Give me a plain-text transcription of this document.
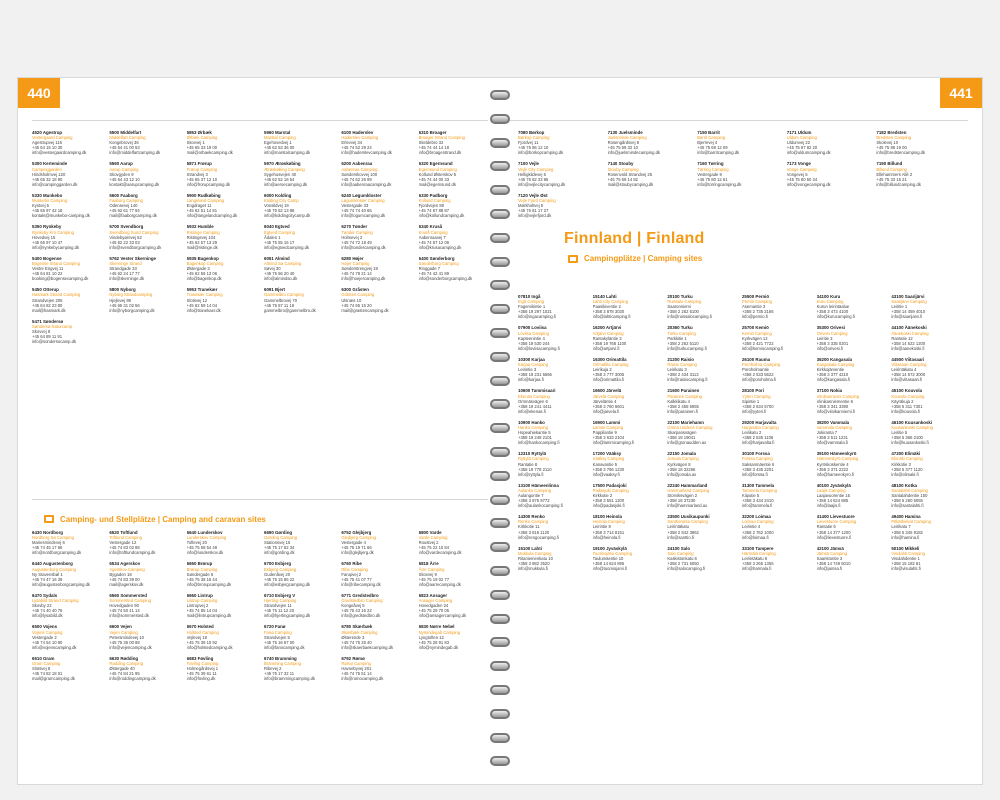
440
4520 Agestrup
Vestergaard Camping
Agestrupvej 115
+45 64 15 10 30
info@vestergaardcamping.dk
5300 Kerteminde
Campinggarden
Hindsholmvej 120
+45 65 32 18 90
info@campinggarden.dk
5330 Munkebo
Munkebo Camping
Kystvej 5
+45 65 97 42 18
kontakt@munkebo-camping.dk
5350 Rynkeby
Rynkeby Kro Camping
Hovedvej 15
+45 65 97 10 47
info@rynkebycamping.dk
5400 Bogense
Bogense Strand Camping
Vestre Engvej 11
+45 64 81 10 22
booking@bogensecamping.dk
5450 Otterup
Hasmark Strand Camping
Strandvejen 205
+45 64 82 23 80
mail@hasmark.dk
5471 Søndersø
Søndersø Naturcamp
Skovvej 8
+45 64 89 11 91
info@sondersocamp.dk
5500 Middelfart
Middelfart Camping
Kongebrovej 36
+45 64 41 00 53
info@middelfartcamping.dk
5560 Aarup
Aarup Camping
Skovgyden 9
+45 64 43 12 10
kontakt@aarupcamping.dk
5600 Faaborg
Faaborg Camping
Odensevej 140
+45 62 61 77 94
mail@faaborgcamping.dk
5700 Svendborg
Svendborg Sund Camping
Vindebyørevej 52
+45 62 22 33 03
info@svendborgcamping.dk
5762 Vester Skerninge
Skerninge Strand
Strandgade 33
+45 62 24 17 77
info@skerninge.dk
5800 Nyborg
Nyborg Strandcamping
Hjejlevej 99
+45 65 31 02 56
info@nyborgcamping.dk
5853 Ørbæk
Ørbæk Camping
Skovvej 1
+45 65 33 19 00
mail@orbaekcamping.dk
5871 Frørup
Frørup Camping
Strandvej 3
+45 65 37 12 10
info@frorupcamping.dk
5900 Rudkøbing
Langeland Camping
Engdraget 11
+45 62 51 14 81
info@langelandcamping.dk
5932 Humble
Ristinge Camping
Ristingevej 104
+45 62 57 13 29
mail@ristinge.dk
5935 Bagenkop
Bagenkop Camping
Østergade 3
+45 62 56 13 06
info@bagenkop.dk
5953 Tranekær
Tranekær Camping
Slotsvej 12
+45 62 59 14 04
info@tranekaer.dk
5960 Marstal
Marstal Camping
Egehovedvej 1
+45 62 53 36 00
info@marstalcamping.dk
5970 Ærøskøbing
Ærøskøbing Camping
Sygehusvejen 40
+45 62 52 18 54
info@aeroecamping.dk
6000 Kolding
Kolding City Camp
Vonsildvej 19
+45 75 52 13 88
info@koldingcitycamp.dk
6040 Egtved
Egtved Camping
Ådalen 1
+45 75 55 16 17
info@egtvedcamping.dk
6051 Almind
Almind Sø Camping
Søvej 30
+45 75 56 20 40
info@almindso.dk
6091 Bjert
Gammelbro Camping
Gammelbrovej 70
+45 75 57 11 16
gammelbro@gammelbro.dk
6100 Haderslev
Haderslev Camping
Erlevvej 34
+45 74 52 29 24
info@haderslevcamping.dk
6200 Aabenraa
Aabenraa Camping
Sønderskovvej 100
+45 74 62 26 99
info@aabenraacamping.dk
6240 Løgumkloster
Løgumkloster Camping
Vestergade 33
+45 74 74 40 65
info@logumcamping.dk
6270 Tønder
Tønder Camping
Holmevej 2
+45 74 72 18 49
info@tondercamping.dk
6280 Højer
Højer Camping
Sønderstrengvej 19
+45 74 78 21 14
info@hoejercamping.dk
6300 Gråsten
Gråsten Camping
Ulsnæs 10
+45 74 65 15 20
mail@grastencamping.dk
6310 Broager
Broager Strand Camping
Skeldebro 32
+45 74 44 14 18
info@broagerstrand.dk
6320 Egernsund
Egernsund Camping
Kollund Østerskov 5
+45 74 44 00 33
mail@egernsund.dk
6330 Padborg
Kollund Camping
Fjordvejen 80
+45 74 67 88 87
info@kollundcamping.dk
6340 Kruså
Kruså Camping
Aabenraavej 7
+45 74 67 12 06
info@krusacamping.dk
6400 Sønderborg
Sønderborg Camping
Ringgade 7
+45 74 42 41 89
info@sonderborgcamping.dk
Camping- und Stellplätze | Camping and caravan sites
6430 Nordborg
Nordborg Sø Camping
Mariesmindevej 6
+45 74 45 17 66
info@nordborgcamping.dk
6440 Augustenborg
Augustenborg Camping
Ny Stavensbøl 1
+45 74 47 16 39
info@augustenborgcamping.dk
6470 Sydals
Lysabild Strand Camping
Skovby 22
+45 74 40 40 76
info@lysabild.dk
6500 Vojens
Vojens Camping
Vestergade 2
+45 74 54 10 90
info@vojenscamping.dk
6510 Gram
Gram Camping
Slotsvej 8
+45 74 82 18 01
mail@gramcamping.dk
6520 Toftlund
Toftlund Camping
Vestergade 12
+45 74 83 02 88
info@toftlundcamping.dk
6534 Agerskov
Agerskov Camping
Bygaden 18
+45 74 83 39 00
mail@agerskov.dk
6560 Sommersted
Sommersted Camping
Hovedgaden 90
+45 74 50 41 14
info@sommersted.dk
6600 Vejen
Vejen Camping
Petersmindevej 10
+45 75 36 00 98
info@vejencamping.dk
6630 Rødding
Rødding Camping
Østergade 40
+45 74 84 21 95
info@roddingcamping.dk
6640 Lunderskov
Lunderskov Camping
Toftevej 20
+45 75 58 54 49
info@lunderskov.dk
6650 Brørup
Brørup Camping
Søndergade 5
+45 75 38 16 44
info@brorupcamping.dk
6660 Lintrup
Lintrup Camping
Lintrupvej 2
+45 74 85 14 04
mail@lintrupcamping.dk
6670 Holsted
Holsted Camping
Vejlevej 18
+45 75 39 10 92
info@holstedcamping.dk
6683 Føvling
Føvling Camping
Holmegårdsvej 1
+45 75 39 61 11
info@fovling.dk
6690 Gørding
Gørding Camping
Stationsvej 15
+45 75 17 82 34
info@gording.dk
6700 Esbjerg
Esbjerg Camping
Gudenåvej 20
+45 75 15 85 22
info@esbjergcamping.dk
6710 Esbjerg V
Hjerting Camping
Strandvejen 11
+45 75 11 12 20
info@hjertingcamping.dk
6720 Fanø
Fanø Camping
Strandvejen 5
+45 75 16 67 00
info@fanocamping.dk
6740 Bramming
Bramming Camping
Ribevej 2
+45 75 17 32 11
info@brammingcamping.dk
6752 Glejbjerg
Glejbjerg Camping
Vestergade 4
+45 75 19 71 66
info@glejbjerg.dk
6760 Ribe
Ribe Camping
Farupvej 2
+45 75 41 07 77
info@ribecamping.dk
6771 Gredstedbro
Gredstedbro Camping
Kongeåvej 5
+45 75 43 16 22
info@gredstedbro.dk
6780 Skærbæk
Skærbæk Camping
Østerende 3
+45 74 75 25 40
info@skaerbaekcamping.dk
6792 Rømø
Rømø Camping
Havnebyvej 201
+45 74 75 51 14
info@romocamping.dk
6800 Varde
Varde Camping
Roustvej 2
+45 75 22 10 84
info@vardecamping.dk
6818 Årre
Årre Camping
Skovvej 9
+45 75 19 02 77
info@aarrecamping.dk
6823 Ansager
Ansager Camping
Hovedgaden 24
+45 75 29 70 05
info@ansagercamping.dk
6830 Nørre Nebel
Nymindegab Camping
Lyngtoften 12
+45 75 28 91 83
info@nymindegab.dk
441
7080 Børkop
Børkop Camping
Fjordvej 11
+45 75 86 12 10
info@borkopcamping.dk
7100 Vejle
Vejle City Camping
Helligkildevej 5
+45 75 82 33 85
info@vejlecitycamping.dk
7120 Vejle Øst
Vejle Fjord Camping
Mørkholtvej 5
+45 75 81 17 27
info@vejlefjord.dk
7130 Juelsminde
Juelsminde Camping
Rosengårdsvej 8
+45 75 69 32 10
info@juelsmindecamping.dk
7140 Stouby
Stouby Camping
Rosenvold Strandvej 25
+45 75 69 14 82
mail@stoubycamping.dk
7150 Barrit
Barrit Camping
Bjerrevej 4
+45 75 69 12 09
info@barritcamping.dk
7160 Tørring
Tørring Camping
Vestergade 9
+45 75 80 12 61
info@torringcamping.dk
7171 Uldum
Uldum Camping
Uldumvej 22
+45 75 67 82 20
info@uldumcamping.dk
7173 Vonge
Vonge Camping
Vongevej 5
+45 75 80 50 34
info@vongecamping.dk
7182 Bredsten
Bredsten Camping
Skolevej 10
+45 75 88 19 00
info@bredstencamping.dk
7190 Billund
Billund Camping
Ellehammers Allé 2
+45 75 33 15 21
info@billundcamping.dk
Finnland | Finland
Campingplätze | Camping sites
07810 Ingå
Ingå Camping
Fagervikintie 1
+358 19 297 1021
info@ingacamping.fi
07900 Loviisa
Loviisa Camping
Kapteenintie 4
+358 19 530 244
info@loviisacamping.fi
10300 Karjaa
Karjaa Camping
Leirintie 3
+358 19 231 5566
info@karjaa.fi
10600 Tammisaari
Ekenäs Camping
Ormnäsvägen 6
+358 19 241 4411
info@ekenas.fi
10900 Hanko
Hanko Camping
Hopeahiekantie 5
+358 19 248 2101
info@hankocamping.fi
12310 Ryttylä
Ryttylä Camping
Rantatie 8
+358 19 778 2110
info@ryttyla.fi
13100 Hämeenlinna
Aulanko Camping
Aulangontie 7
+358 3 675 9772
info@aulankocamping.fi
14300 Renko
Renko Camping
Kirkkotie 11
+358 3 616 1120
info@rengocamping.fi
15100 Lahti
Mukkula Camping
Ritaniemenkatu 10
+358 3 882 3520
info@mukkula.fi
15140 Lahti
Lahti City Camping
Paasikiventie 2
+358 3 878 3030
info@lahticamping.fi
16200 Artjärvi
Artjärvi Camping
Rantakyläntie 3
+358 19 768 1100
info@artjarvi.fi
16300 Orimattila
Orimattila Camping
Leirikuja 2
+358 3 777 3005
info@orimattila.fi
16600 Järvelä
Järvelä Camping
Järveläntie 4
+358 3 760 6601
info@jarvela.fi
16900 Lammi
Lammi Camping
Pappilantie 9
+358 3 633 2104
info@lammicamping.fi
17200 Vääksy
Vääksy Camping
Kanavantie 5
+358 3 766 1230
info@vaaksy.fi
17500 Padasjoki
Padasjoki Camping
Kirkkotie 2
+358 3 551 1200
info@padasjoki.fi
18100 Heinola
Heinola Camping
Leirintie 8
+358 3 714 8151
info@heinola.fi
19100 Jyväskylä
Tuomiojärvi Camping
Taulumäentie 10
+358 14 624 895
info@tuomiojarvi.fi
20100 Turku
Ruissalo Camping
Saaronniemi
+358 2 262 5100
info@ruissalocamping.fi
20360 Turku
Turku Camping
Parkkitie 1
+358 2 262 5110
info@turkucamping.fi
21200 Raisio
Raisio Camping
Leirikatu 3
+358 2 434 3113
info@raisiocamping.fi
21600 Parainen
Parainen Camping
Kalkkikatu 4
+358 2 458 5955
info@parainen.fi
22100 Mariehamn
Gröna Uddens Camping
Skarpansvägen
+358 18 19041
info@gronaudden.ax
22150 Jomala
Jomala Camping
Kyrkvägen 8
+358 18 32266
info@jomala.ax
22240 Hammarland
Hammarland Camping
Storviksvägen 2
+358 18 37230
info@hammarland.ax
23500 Uusikaupunki
Santtioranta Camping
Leirintäkatu
+358 2 842 3862
info@santtio.fi
24100 Salo
Salo Camping
Kaskistonkatu 6
+358 2 731 5050
info@salocamping.fi
25500 Perniö
Perniö Camping
Asemantie 3
+358 2 735 2166
info@pernio.fi
25700 Kemiö
Kemiö Camping
Kyrkvägen 12
+358 2 421 7722
info@kemiocamping.fi
26100 Rauma
Poroholma Camping
Poroholmantie
+358 2 533 5522
info@poroholma.fi
28100 Pori
Yyteri Camping
Sipintie 1
+358 2 634 5700
info@yyteri.fi
29200 Harjavalta
Harjavalta Camping
Leirikatu 2
+358 2 535 1106
info@harjavalta.fi
30100 Forssa
Forssa Camping
Saksanmäentie 6
+358 3 435 2201
info@forssa.fi
31300 Tammela
Tammela Camping
Kiiputie 5
+358 3 434 2410
info@tammela.fi
32200 Loimaa
Loimaa Camping
Leirintie 4
+358 2 762 1000
info@loimaa.fi
33100 Tampere
Härmälä Camping
Leirintäkatu 8
+358 3 265 1355
info@harmala.fi
34100 Kuru
Kuru Camping
Kurun leirintäalue
+358 3 473 4100
info@kurucamping.fi
35300 Orivesi
Orivesi Camping
Leiritie 3
+358 3 335 0201
info@orivesi.fi
36200 Kangasala
Kangasala Camping
Kirkkojärventie
+358 3 377 4210
info@kangasala.fi
37100 Nokia
Viinikanniemi Camping
Viinikanniementie 6
+358 3 341 3390
info@viinikanniemi.fi
38200 Vammala
Vammala Camping
Jokiranta 7
+358 3 511 1231
info@vammala.fi
39100 Hämeenkyrö
Hämeenkyrö Camping
Kyröskoskentie 4
+358 3 371 2222
info@hameenkyro.fi
40100 Jyväskylä
Laajis Camping
Laajavuorentie 15
+358 14 624 885
info@laajis.fi
41400 Lievestuore
Lievestuore Camping
Rantatie 6
+358 14 377 1200
info@lievestuore.fi
42100 Jämsä
Jämsä Camping
Saaristontie 3
+358 14 749 5010
info@jamsa.fi
43100 Saarijärvi
Saarijärvi Camping
Leiritie 1
+358 14 459 4010
info@saarijarvi.fi
44100 Äänekoski
Äänekoski Camping
Rantatie 12
+358 14 522 1200
info@aanekoski.fi
44500 Viitasaari
Viitasaari Camping
Leirintäkatu 4
+358 14 572 3000
info@viitasaari.fi
45100 Kouvola
Kouvola Camping
Käyräkuja 2
+358 5 311 7301
info@kouvola.fi
46100 Kuusankoski
Kuusankoski Camping
Leiritie 5
+358 5 366 2100
info@kuusankoski.fi
47200 Elimäki
Elimäki Camping
Kirkkotie 3
+358 5 377 1120
info@elimaki.fi
48100 Kotka
Santalahti Camping
Santalahdentie 150
+358 5 260 5055
info@santalahti.fi
49400 Hamina
Pitkäthiekat Camping
Leirikatu 7
+358 5 345 9182
info@hamina.fi
50100 Mikkeli
Visulahti Camping
Visulahdentie 1
+358 15 182 81
info@visulahti.fi
